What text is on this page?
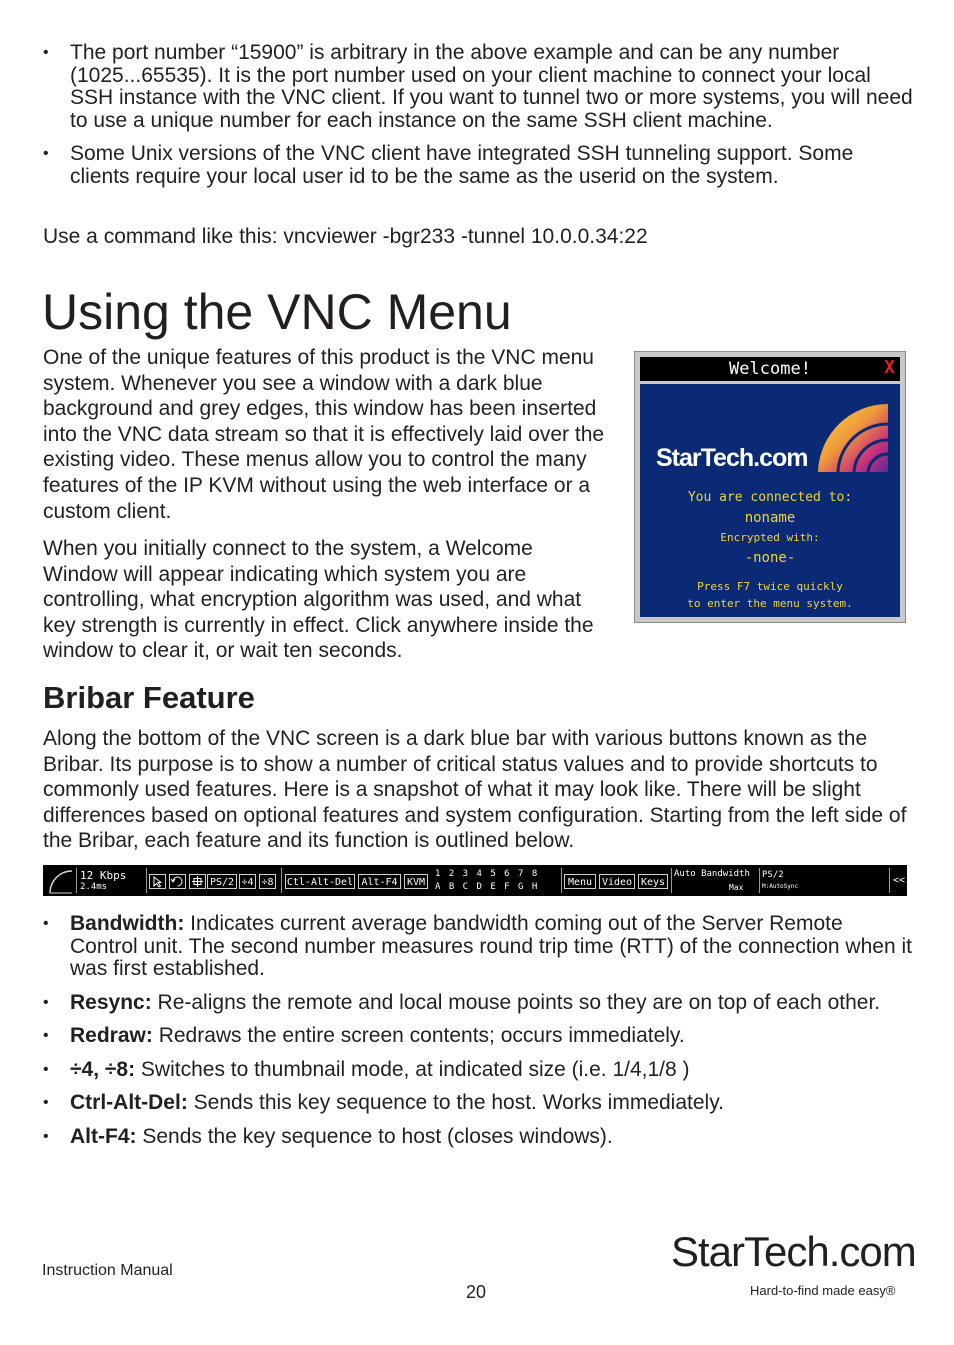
• The port number “15900” is arbitrary in the above example and can be any number (1025...65535). It is the port number used on your client machine to connect your local SSH instance with the VNC client. If you want to tunnel two or more systems, you will need to use a unique number for each instance on the same SSH client machine.
• Some Unix versions of the VNC client have integrated SSH tunneling support. Some clients require your local user id to be the same as the userid on the system.

Use a command like this: vncviewer -bgr233 -tunnel 10.0.0.34:22

Using the VNC Menu

One of the unique features of this product is the VNC menu system. Whenever you see a window with a dark blue background and grey edges, this window has been inserted into the VNC data stream so that it is effectively laid over the existing video. These menus allow you to control the many features of the IP KVM without using the web interface or a custom client.

When you initially connect to the system, a Welcome Window will appear indicating which system you are controlling, what encryption algorithm was used, and what key strength is currently in effect. Click anywhere inside the window to clear it, or wait ten seconds.

Welcome!	X
StarTech.com
You are connected to:
noname
Encrypted with:
-none-
Press F7 twice quickly
to enter the menu system.
Bribar Feature

Along the bottom of the VNC screen is a dark blue bar with various buttons known as the Bribar. Its purpose is to show a number of critical status values and to provide shortcuts to commonly used features. Here is a snapshot of what it may look like. There will be slight differences based on optional features and system configuration. Starting from the left side of the Bribar, each feature and its function is outlined below.

12 Kbps
2.4ms	PS/2 ÷4 ÷8 Ctl-Alt-Del Alt-F4 KVM
1 2 3 4 5 6 7 8
A B C D E F G H	Menu Video Keys
Auto Bandwidth
Max
PS/2
M:AutoSync
<<
• Bandwidth: Indicates current average bandwidth coming out of the Server Remote Control unit. The second number measures round trip time (RTT) of the connection when it was first established.
• Resync: Re-aligns the remote and local mouse points so they are on top of each other.
• Redraw: Redraws the entire screen contents; occurs immediately.
• ÷4, ÷8: Switches to thumbnail mode, at indicated size (i.e. 1/4,1/8 )
• Ctrl-Alt-Del: Sends this key sequence to the host. Works immediately.
• Alt-F4: Sends the key sequence to host (closes windows).
Instruction Manual
20
StarTech.com
Hard-to-find made easy®
